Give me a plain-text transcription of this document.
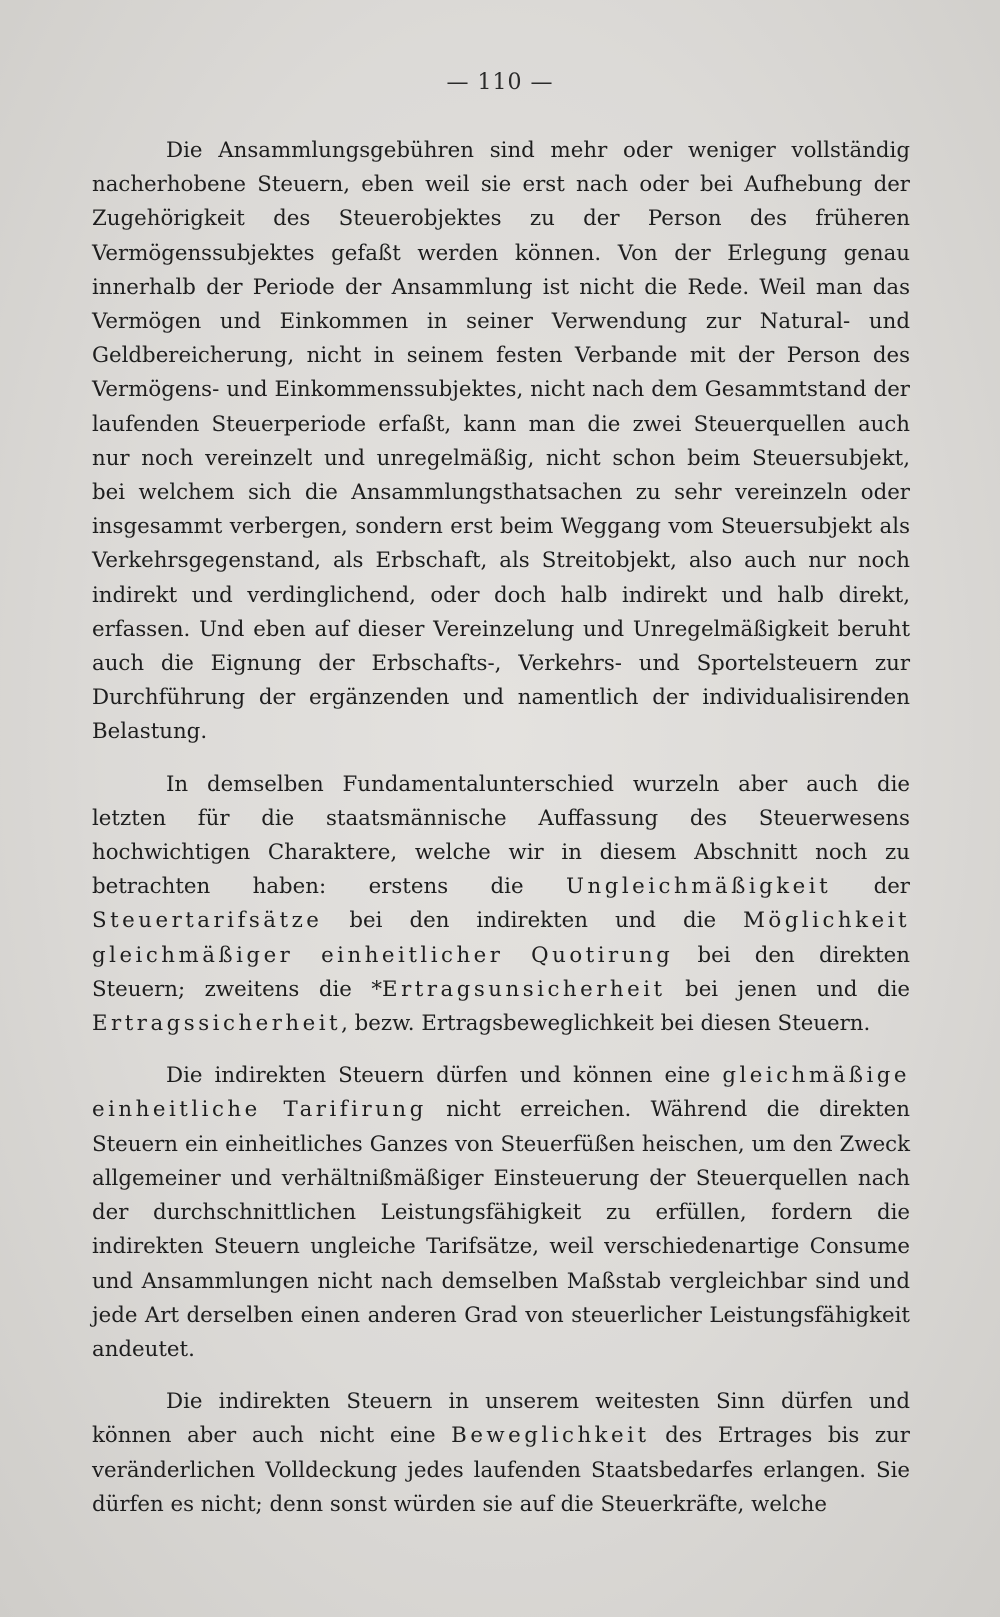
— 110 —

Die Ansammlungsgebühren sind mehr oder weniger vollständig nacherhobene Steuern, eben weil sie erst nach oder bei Aufhebung der Zugehörigkeit des Steuerobjektes zu der Person des früheren Vermögenssubjektes gefaßt werden können. Von der Erlegung genau innerhalb der Periode der Ansammlung ist nicht die Rede. Weil man das Vermögen und Einkommen in seiner Verwendung zur Natural- und Geldbereicherung, nicht in seinem festen Verbande mit der Person des Vermögens- und Einkommenssubjektes, nicht nach dem Gesammtstand der laufenden Steuerperiode erfaßt, kann man die zwei Steuerquellen auch nur noch vereinzelt und unregelmäßig, nicht schon beim Steuersubjekt, bei welchem sich die Ansammlungsthatsachen zu sehr vereinzeln oder insgesammt verbergen, sondern erst beim Weggang vom Steuersubjekt als Verkehrsgegenstand, als Erbschaft, als Streitobjekt, also auch nur noch indirekt und verdinglichend, oder doch halb indirekt und halb direkt, erfassen. Und eben auf dieser Vereinzelung und Unregelmäßigkeit beruht auch die Eignung der Erbschafts-, Verkehrs- und Sportelsteuern zur Durchführung der ergänzenden und namentlich der individualisirenden Belastung.

In demselben Fundamentalunterschied wurzeln aber auch die letzten für die staatsmännische Auffassung des Steuerwesens hochwichtigen Charaktere, welche wir in diesem Abschnitt noch zu betrachten haben: erstens die Ungleichmäßigkeit der Steuertarifsätze bei den indirekten und die Möglichkeit gleichmäßiger einheitlicher Quotirung bei den direkten Steuern; zweitens die *Ertragsunsicherheit bei jenen und die Ertragssicherheit, bezw. Ertragsbeweglichkeit bei diesen Steuern.

Die indirekten Steuern dürfen und können eine gleichmäßige einheitliche Tarifirung nicht erreichen. Während die direkten Steuern ein einheitliches Ganzes von Steuerfüßen heischen, um den Zweck allgemeiner und verhältnißmäßiger Einsteuerung der Steuerquellen nach der durchschnittlichen Leistungsfähigkeit zu erfüllen, fordern die indirekten Steuern ungleiche Tarifsätze, weil verschiedenartige Consume und Ansammlungen nicht nach demselben Maßstab vergleichbar sind und jede Art derselben einen anderen Grad von steuerlicher Leistungsfähigkeit andeutet.

Die indirekten Steuern in unserem weitesten Sinn dürfen und können aber auch nicht eine Beweglichkeit des Ertrages bis zur veränderlichen Volldeckung jedes laufenden Staatsbedarfes erlangen. Sie dürfen es nicht; denn sonst würden sie auf die Steuerkräfte, welche
